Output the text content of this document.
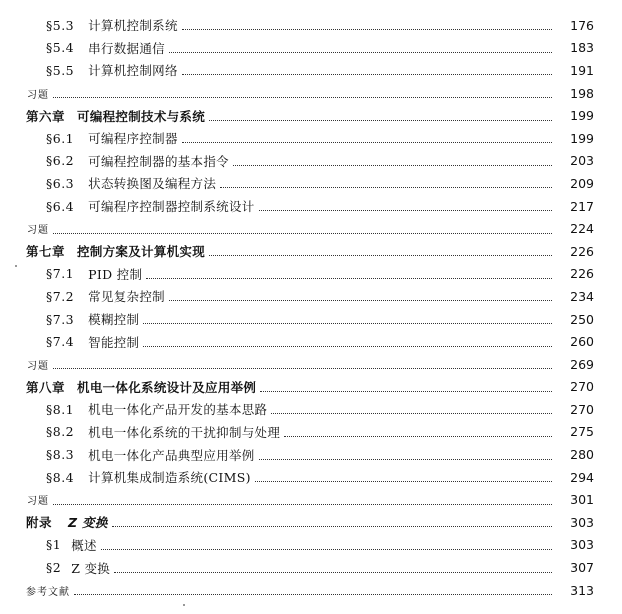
§5.3 计算机控制系统	176
§5.4 串行数据通信	183
§5.5 计算机控制网络	191
习题	198
第六章 可编程控制技术与系统	199
§6.1 可编程序控制器	199
§6.2 可编程控制器的基本指令	203
§6.3 状态转换图及编程方法	209
§6.4 可编程序控制器控制系统设计	217
习题	224
第七章 控制方案及计算机实现	226
§7.1 PID 控制	226
§7.2 常见复杂控制	234
§7.3 模糊控制	250
§7.4 智能控制	260
习题	269
第八章 机电一体化系统设计及应用举例	270
§8.1 机电一体化产品开发的基本思路	270
§8.2 机电一体化系统的干扰抑制与处理	275
§8.3 机电一体化产品典型应用举例	280
§8.4 计算机集成制造系统(CIMS)	294
习题	301
附录 Z 变换	303
§1 概述	303
§2 Z 变换	307
参考文献	313
